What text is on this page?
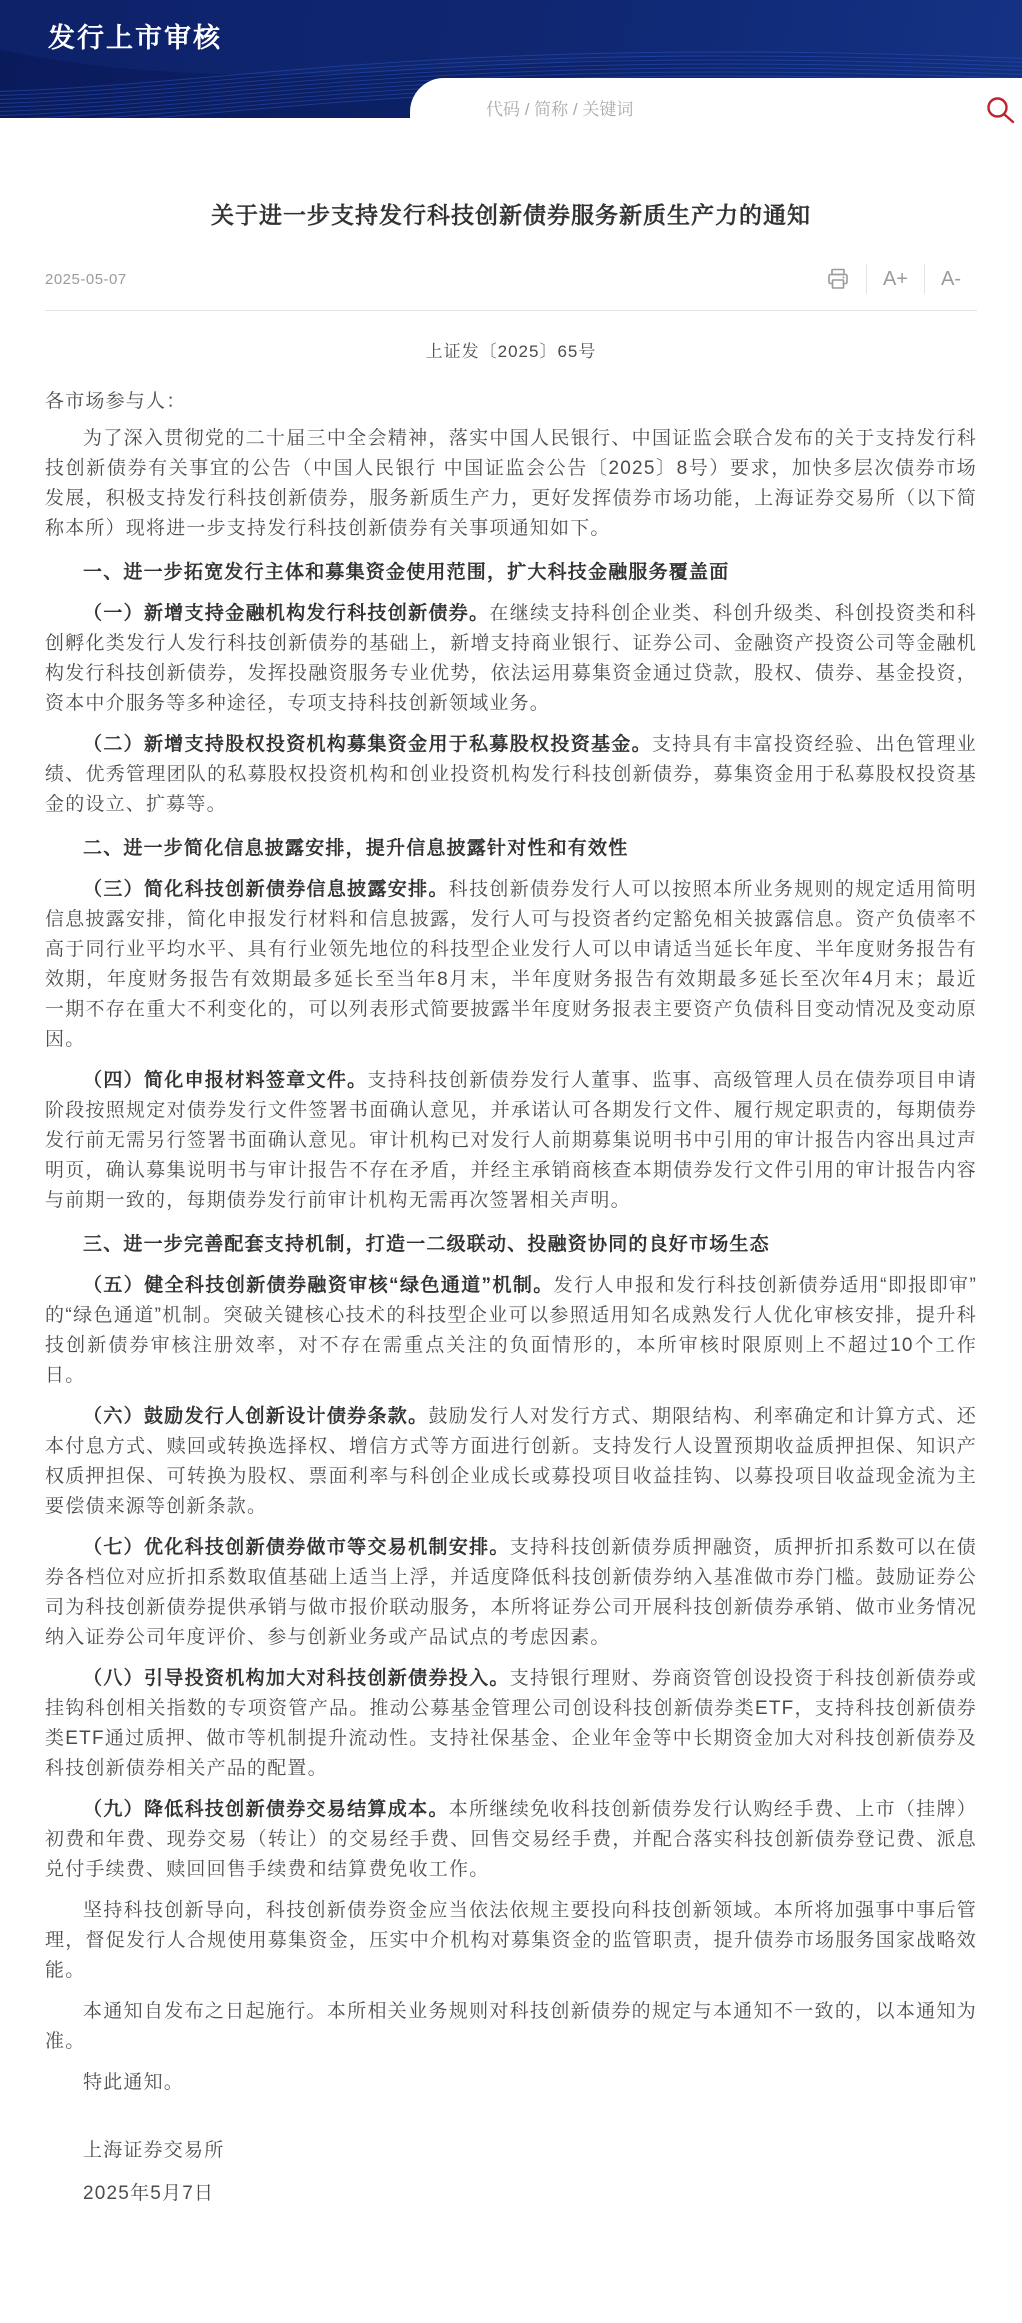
发行上市审核
代码 / 简称 / 关键词
关于进一步支持发行科技创新债券服务新质生产力的通知
2025-05-07	A+	A-
上证发〔2025〕65号
各市场参与人：

为了深入贯彻党的二十届三中全会精神，落实中国人民银行、中国证监会联合发布的关于支持发行科技创新债券有关事宜的公告（中国人民银行 中国证监会公告〔2025〕8号）要求，加快多层次债券市场发展，积极支持发行科技创新债券，服务新质生产力，更好发挥债券市场功能，上海证券交易所（以下简称本所）现将进一步支持发行科技创新债券有关事项通知如下。

一、进一步拓宽发行主体和募集资金使用范围，扩大科技金融服务覆盖面

（一）新增支持金融机构发行科技创新债券。在继续支持科创企业类、科创升级类、科创投资类和科创孵化类发行人发行科技创新债券的基础上，新增支持商业银行、证券公司、金融资产投资公司等金融机构发行科技创新债券，发挥投融资服务专业优势，依法运用募集资金通过贷款，股权、债券、基金投资，资本中介服务等多种途径，专项支持科技创新领域业务。

（二）新增支持股权投资机构募集资金用于私募股权投资基金。支持具有丰富投资经验、出色管理业绩、优秀管理团队的私募股权投资机构和创业投资机构发行科技创新债券，募集资金用于私募股权投资基金的设立、扩募等。

二、进一步简化信息披露安排，提升信息披露针对性和有效性

（三）简化科技创新债券信息披露安排。科技创新债券发行人可以按照本所业务规则的规定适用简明信息披露安排，简化申报发行材料和信息披露，发行人可与投资者约定豁免相关披露信息。资产负债率不高于同行业平均水平、具有行业领先地位的科技型企业发行人可以申请适当延长年度、半年度财务报告有效期，年度财务报告有效期最多延长至当年8月末，半年度财务报告有效期最多延长至次年4月末；最近一期不存在重大不利变化的，可以列表形式简要披露半年度财务报表主要资产负债科目变动情况及变动原因。

（四）简化申报材料签章文件。支持科技创新债券发行人董事、监事、高级管理人员在债券项目申请阶段按照规定对债券发行文件签署书面确认意见，并承诺认可各期发行文件、履行规定职责的，每期债券发行前无需另行签署书面确认意见。审计机构已对发行人前期募集说明书中引用的审计报告内容出具过声明页，确认募集说明书与审计报告不存在矛盾，并经主承销商核查本期债券发行文件引用的审计报告内容与前期一致的，每期债券发行前审计机构无需再次签署相关声明。

三、进一步完善配套支持机制，打造一二级联动、投融资协同的良好市场生态

（五）健全科技创新债券融资审核“绿色通道”机制。发行人申报和发行科技创新债券适用“即报即审”的“绿色通道”机制。突破关键核心技术的科技型企业可以参照适用知名成熟发行人优化审核安排，提升科技创新债券审核注册效率，对不存在需重点关注的负面情形的，本所审核时限原则上不超过10个工作日。

（六）鼓励发行人创新设计债券条款。鼓励发行人对发行方式、期限结构、利率确定和计算方式、还本付息方式、赎回或转换选择权、增信方式等方面进行创新。支持发行人设置预期收益质押担保、知识产权质押担保、可转换为股权、票面利率与科创企业成长或募投项目收益挂钩、以募投项目收益现金流为主要偿债来源等创新条款。

（七）优化科技创新债券做市等交易机制安排。支持科技创新债券质押融资，质押折扣系数可以在债券各档位对应折扣系数取值基础上适当上浮，并适度降低科技创新债券纳入基准做市券门槛。鼓励证券公司为科技创新债券提供承销与做市报价联动服务，本所将证券公司开展科技创新债券承销、做市业务情况纳入证券公司年度评价、参与创新业务或产品试点的考虑因素。

（八）引导投资机构加大对科技创新债券投入。支持银行理财、券商资管创设投资于科技创新债券或挂钩科创相关指数的专项资管产品。推动公募基金管理公司创设科技创新债券类ETF，支持科技创新债券类ETF通过质押、做市等机制提升流动性。支持社保基金、企业年金等中长期资金加大对科技创新债券及科技创新债券相关产品的配置。

（九）降低科技创新债券交易结算成本。本所继续免收科技创新债券发行认购经手费、上市（挂牌）初费和年费、现券交易（转让）的交易经手费、回售交易经手费，并配合落实科技创新债券登记费、派息兑付手续费、赎回回售手续费和结算费免收工作。

坚持科技创新导向，科技创新债券资金应当依法依规主要投向科技创新领域。本所将加强事中事后管理，督促发行人合规使用募集资金，压实中介机构对募集资金的监管职责，提升债券市场服务国家战略效能。

本通知自发布之日起施行。本所相关业务规则对科技创新债券的规定与本通知不一致的，以本通知为准。

特此通知。

上海证券交易所
2025年5月7日
